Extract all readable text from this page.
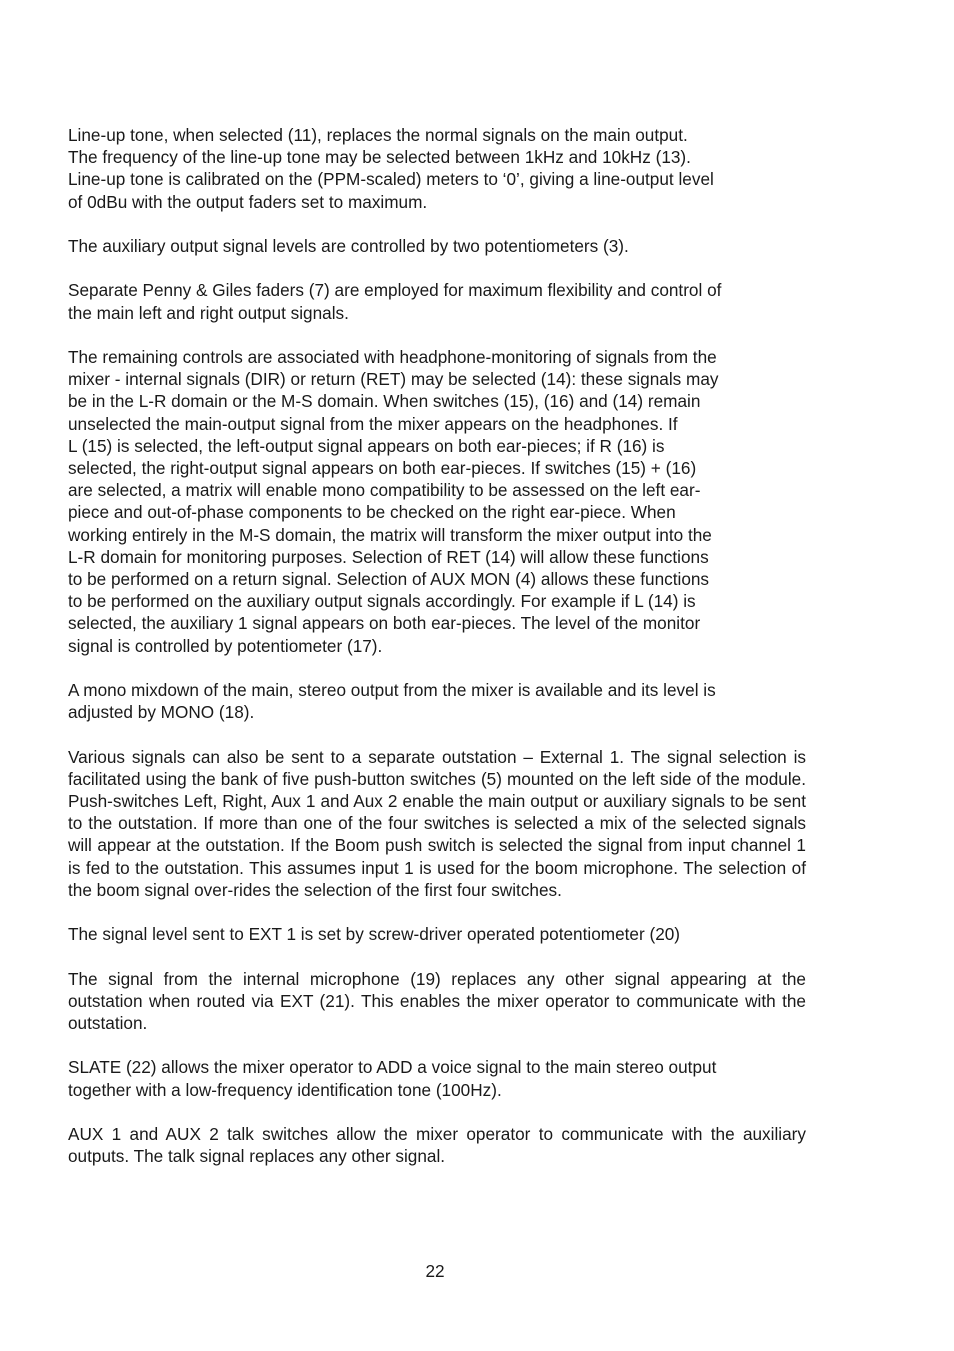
Line-up tone, when selected (11), replaces the normal signals on the main output.
The frequency of the line-up tone may be selected between 1kHz and 10kHz (13).
Line-up tone is calibrated on the (PPM-scaled) meters to ‘0’, giving a line-output level
of 0dBu with the output faders set to maximum.

The auxiliary output signal levels are controlled by two potentiometers (3).

Separate Penny & Giles faders (7) are employed for maximum flexibility and control of
the main left and right output signals.

The remaining controls are associated with headphone-monitoring of signals from the
mixer - internal signals (DIR) or return (RET) may be selected (14): these signals may
be in the L-R domain or the M-S domain. When switches (15), (16) and (14) remain
unselected the main-output signal from the mixer appears on the headphones. If
L (15) is selected, the left-output signal appears on both ear-pieces; if R (16) is
selected, the right-output signal appears on both ear-pieces. If switches (15) + (16)
are selected, a matrix will enable mono compatibility to be assessed on the left ear-
piece and out-of-phase components to be checked on the right ear-piece. When
working entirely in the M-S domain, the matrix will transform the mixer output into the
L-R domain for monitoring purposes. Selection of RET (14) will allow these functions
to be performed on a return signal. Selection of AUX MON (4) allows these functions
to be performed on the auxiliary output signals accordingly. For example if L (14) is
selected, the auxiliary 1 signal appears on both ear-pieces. The level of the monitor
signal is controlled by potentiometer (17).

A mono mixdown of the main, stereo output from the mixer is available and its level is
adjusted by MONO (18).

Various signals can also be sent to a separate outstation – External 1. The signal selection is facilitated using the bank of five push-button switches (5) mounted on the left side of the module. Push-switches Left, Right, Aux 1 and Aux 2 enable the main output or auxiliary signals to be sent to the outstation. If more than one of the four switches is selected a mix of the selected signals will appear at the outstation. If the Boom push switch is selected the signal from input channel 1 is fed to the outstation. This assumes input 1 is used for the boom microphone. The selection of the boom signal over-rides the selection of the first four switches.

The signal level sent to EXT 1 is set by screw-driver operated potentiometer (20)

The signal from the internal microphone (19) replaces any other signal appearing at the outstation when routed via EXT (21). This enables the mixer operator to communicate with the outstation.

SLATE (22) allows the mixer operator to ADD a voice signal to the main stereo output
together with a low-frequency identification tone (100Hz).

AUX 1 and AUX 2 talk switches allow the mixer operator to communicate with the auxiliary outputs. The talk signal replaces any other signal.

22
